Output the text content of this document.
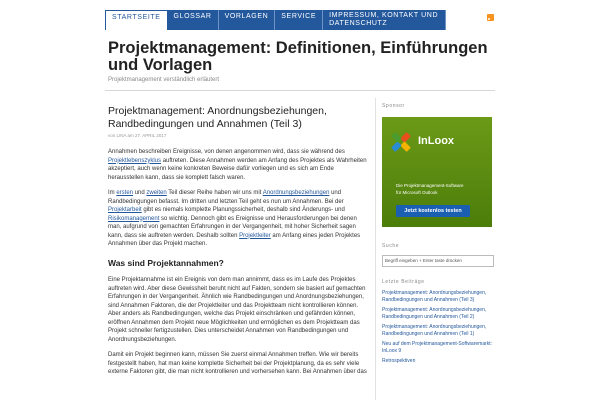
STARTSEITE	GLOSSAR	VORLAGEN	SERVICE	IMPRESSUM, KONTAKT UND DATENSCHUTZ
Projektmanagement: Definitionen, Einführungen und Vorlagen
Projektmanagement verständlich erläutert
Projektmanagement: Anordnungsbeziehungen, Randbedingungen und Annahmen (Teil 3)
von LINA am 27. APRIL 2017

Annahmen beschreiben Ereignisse, von denen angenommen wird, dass sie während des Projektlebenszyklus auftreten. Diese Annahmen werden am Anfang des Projektes als Wahrheiten akzeptiert, auch wenn keine konkreten Beweise dafür vorliegen und es sich am Ende herausstellen kann, dass sie komplett falsch waren.

Im ersten und zweiten Teil dieser Reihe haben wir uns mit Anordnungsbeziehungen und Randbedingungen befasst. Im dritten und letzten Teil geht es nun um Annahmen. Bei der Projektarbeit gibt es niemals komplette Planungssicherheit, deshalb sind Änderungs- und Risikomanagement so wichtig. Dennoch gibt es Ereignisse und Herausforderungen bei denen man, aufgrund von gemachten Erfahrungen in der Vergangenheit, mit hoher Sicherheit sagen kann, dass sie auftreten werden. Deshalb sollten Projektleiter am Anfang eines jeden Projektes Annahmen über das Projekt machen.

Was sind Projektannahmen?

Eine Projektannahme ist ein Ereignis von dem man annimmt, dass es im Laufe des Projektes auftreten wird. Aber diese Gewissheit beruht nicht auf Fakten, sondern sie basiert auf gemachten Erfahrungen in der Vergangenheit. Ähnlich wie Randbedingungen und Anordnungsbeziehungen, sind Annahmen Faktoren, die der Projektleiter und das Projektteam nicht kontrollieren können. Aber anders als Randbedingungen, welche das Projekt einschränken und gefährden können, eröffnen Annahmen dem Projekt neue Möglichkeiten und ermöglichen es dem Projektteam das Projekt schneller fertigzustellen. Dies unterscheidet Annahmen von Randbedingungen und Anordnungsbeziehungen.

Damit ein Projekt beginnen kann, müssen Sie zuerst einmal Annahmen treffen. Wie wir bereits festgestellt haben, hat man keine komplette Sicherheit bei der Projektplanung, da es sehr viele externe Faktoren gibt, die man nicht kontrollieren und vorhersehen kann. Bei Annahmen über das

Sponsor
InLoox
Die Projektmanagement-Software
für Microsoft Outlook
Jetzt kostenlos testen
Suche
Begriff eingeben + Enter taste drücken
Letzte Beiträge
Projektmanagement: Anordnungsbeziehungen, Randbedingungen und Annahmen (Teil 3)
Projektmanagement: Anordnungsbeziehungen, Randbedingungen und Annahmen (Teil 2)
Projektmanagement: Anordnungsbeziehungen, Randbedingungen und Annahmen (Teil 1)
Neu auf dem Projektmanagement-Softwaremarkt: InLoox 9
Retrospektiven
